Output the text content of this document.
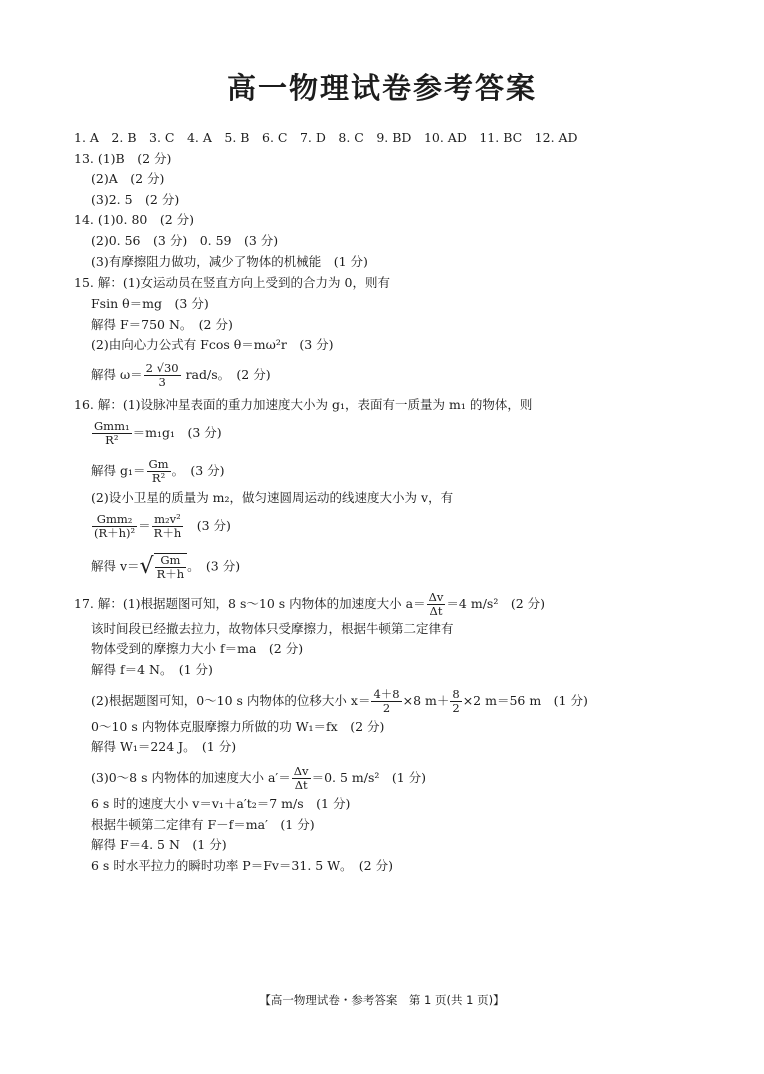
高一物理试卷参考答案
1. A　2. B　3. C　4. A　5. B　6. C　7. D　8. C　9. BD　10. AD　11. BC　12. AD
13. (1)B　(2 分)
(2)A　(2 分)
(3)2. 5　(2 分)
14. (1)0. 80　(2 分)
(2)0. 56　(3 分)　0. 59　(3 分)
(3)有摩擦阻力做功，减少了物体的机械能　(1 分)
15. 解：(1)女运动员在竖直方向上受到的合力为 0，则有
Fsin θ＝mg　 (3 分)
解得 F＝750 N。　(2 分)
(2)由向心力公式有 Fcos θ＝mω²r　(3 分)
解得 $\omega= \frac{2 √30}{3} rad/s$。　(2 分)
16. 解：(1)设脉冲星表面的重力加速度大小为 g₁，表面有一质量为 m₁ 的物体，则
$\frac{\text{Gmm₁}}{\text{R²}} =m_1g_1$　(3 分)
解得 $g_1= \frac{Gm}{\text{R²}}$ 。　(3 分)
(2)设小卫星的质量为 m₂，做匀速圆周运动的线速度大小为 v，有
$\frac{\text{Gmm₂}}{\text{(R＋h)²}} = \frac{\text{m₂v²}}{R+h}$ 　(3 分)
解得 $v=√ \frac{Gm}{R+h}$ 。　(3 分)
17. 解：(1)根据题图可知，8 s～10 s 内物体的加速度大小 $a= \frac{\Delta v}{\Delta t} =4$ m/s²　(2 分)
该时间段已经撤去拉力，故物体只受摩擦力，根据牛顿第二定律有
物体受到的摩擦力大小 f＝ma　(2 分)
解得 f＝4 N。　(1 分)
(2)根据题图可知，0～10 s 内物体的位移大小 $x= \frac{4+8}{2} \times 8$ $m+ \frac{8}{2} \times 2$ m＝56 m　(1 分)
0～10 s 内物体克服摩擦力所做的功 W₁＝fx　(2 分)
解得 W₁＝224 J。　(1 分)
(3)0～8 s 内物体的加速度大小 $a'= \frac{\Delta v}{\Delta t} =0$. 5 m/s²　(1 分)
6 s 时的速度大小 v＝v₁＋a′t₂＝7 m/s　(1 分)
根据牛顿第二定律有 F－f＝ma′　(1 分)
解得 F＝4. 5 N　(1 分)
6 s 时水平拉力的瞬时功率 P＝Fv＝31. 5 W。　(2 分)
【高一物理试卷・参考答案　第 1 页(共 1 页)】
